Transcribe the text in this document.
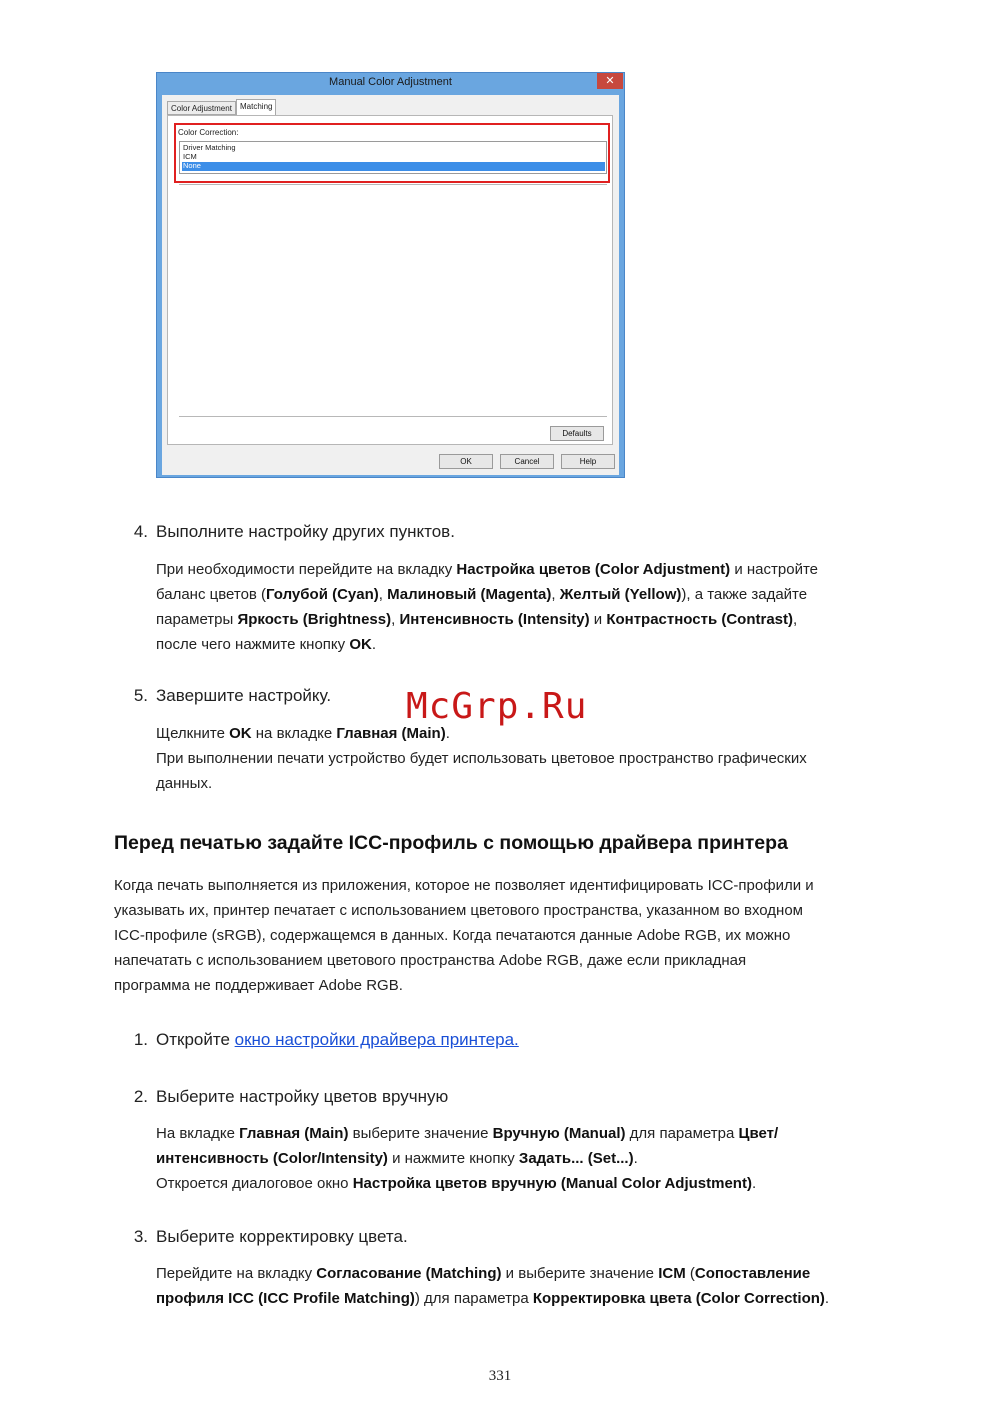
Manual Color Adjustment	✕
Color Adjustment	Matching
Color Correction:
Driver Matching
ICM
None
Defaults
OK	Cancel	Help
4. Выполните настройку других пунктов.
При необходимости перейдите на вкладку Настройка цветов (Color Adjustment) и настройте
баланс цветов (Голубой (Cyan), Малиновый (Magenta), Желтый (Yellow)), а также задайте
параметры Яркость (Brightness), Интенсивность (Intensity) и Контрастность (Contrast),
после чего нажмите кнопку OK.
5. Завершите настройку. McGrp.Ru
Щелкните OK на вкладке Главная (Main).
При выполнении печати устройство будет использовать цветовое пространство графических
данных.
Перед печатью задайте ICC-профиль с помощью драйвера принтера
Когда печать выполняется из приложения, которое не позволяет идентифицировать ICC-профили и
указывать их, принтер печатает с использованием цветового пространства, указанном во входном
ICC-профиле (sRGB), содержащемся в данных. Когда печатаются данные Adobe RGB, их можно
напечатать с использованием цветового пространства Adobe RGB, даже если прикладная
программа не поддерживает Adobe RGB.
1. Откройте окно настройки драйвера принтера.
2. Выберите настройку цветов вручную
На вкладке Главная (Main) выберите значение Вручную (Manual) для параметра Цвет/
интенсивность (Color/Intensity) и нажмите кнопку Задать... (Set...).
Откроется диалоговое окно Настройка цветов вручную (Manual Color Adjustment).
3. Выберите корректировку цвета.
Перейдите на вкладку Согласование (Matching) и выберите значение ICM (Сопоставление
профиля ICC (ICC Profile Matching)) для параметра Корректировка цвета (Color Correction).
331
